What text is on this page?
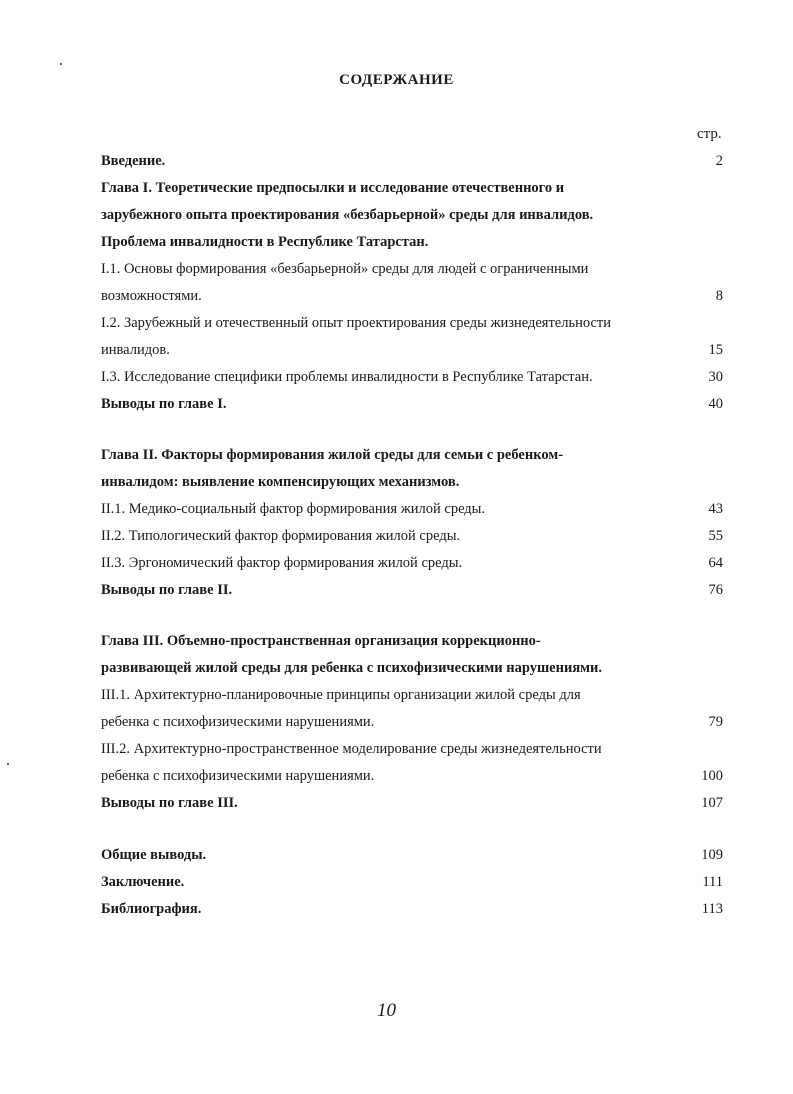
СОДЕРЖАНИЕ
стр.
Введение.	2
Глава I. Теоретические предпосылки и исследование отечественного и
зарубежного опыта проектирования «безбарьерной» среды для инвалидов.
Проблема инвалидности в Республике Татарстан.
I.1. Основы формирования «безбарьерной» среды для людей с ограниченными
возможностями.	8
I.2. Зарубежный и отечественный опыт проектирования среды жизнедеятельности
инвалидов.	15
I.3. Исследование специфики проблемы инвалидности в Республике Татарстан.	30
Выводы по главе I.	40
Глава II. Факторы формирования жилой среды для семьи с ребенком-
инвалидом: выявление компенсирующих механизмов.
II.1. Медико-социальный фактор формирования жилой среды.	43
II.2. Типологический фактор формирования жилой среды.	55
II.3. Эргономический фактор формирования жилой среды.	64
Выводы по главе II.	76
Глава III. Объемно-пространственная организация коррекционно-
развивающей жилой среды для ребенка с психофизическими нарушениями.
III.1. Архитектурно-планировочные принципы организации жилой среды для
ребенка с психофизическими нарушениями.	79
III.2. Архитектурно-пространственное моделирование среды жизнедеятельности
ребенка с психофизическими нарушениями.	100
Выводы по главе III.	107
Общие выводы.	109
Заключение.	111
Библиография.	113
10
